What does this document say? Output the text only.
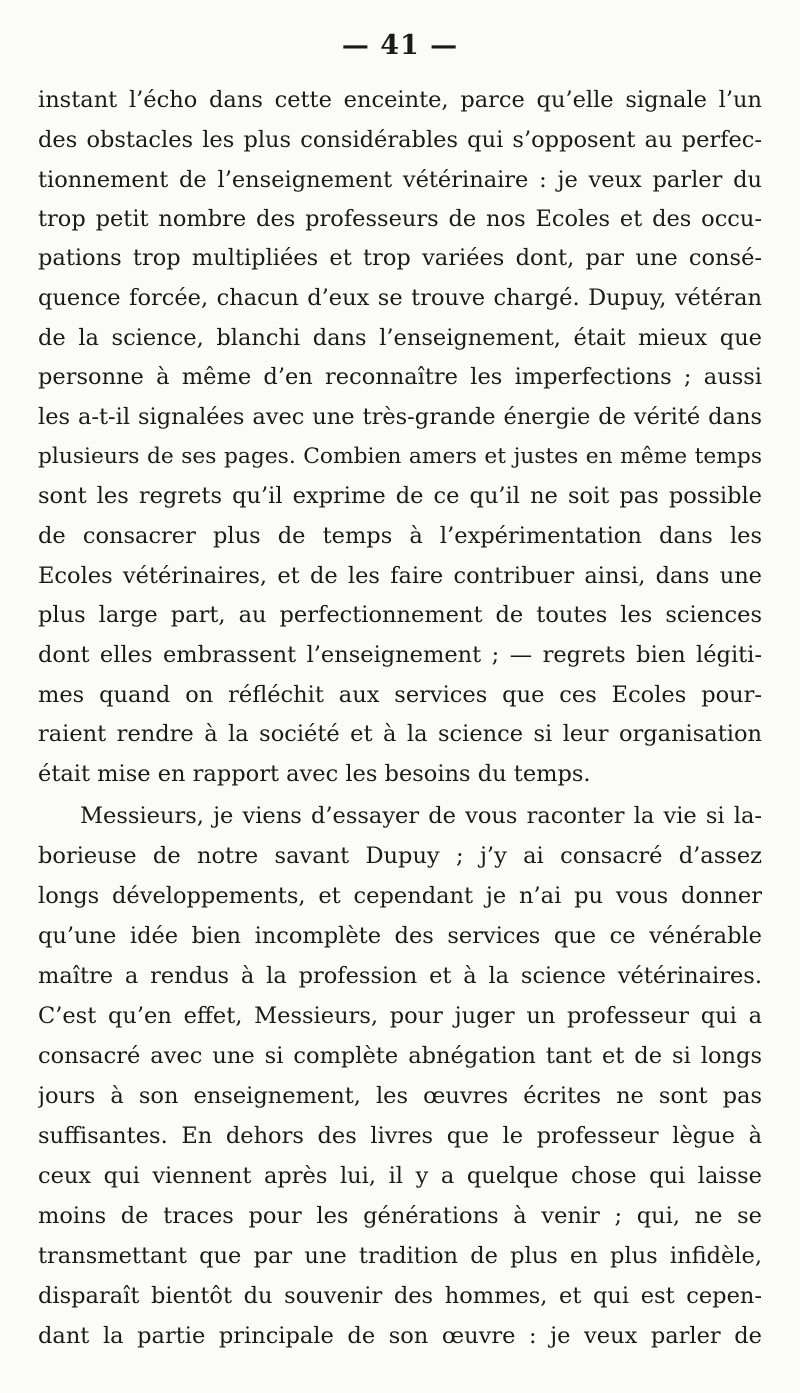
— 41 —
instant l’écho dans cette enceinte, parce qu’elle signale l’un
des obstacles les plus considérables qui s’opposent au perfec-
tionnement de l’enseignement vétérinaire : je veux parler du
trop petit nombre des professeurs de nos Ecoles et des occu-
pations trop multipliées et trop variées dont, par une consé-
quence forcée, chacun d’eux se trouve chargé. Dupuy, vétéran
de la science, blanchi dans l’enseignement, était mieux que
personne à même d’en reconnaître les imperfections ; aussi
les a-t-il signalées avec une très-grande énergie de vérité dans
plusieurs de ses pages. Combien amers et justes en même temps
sont les regrets qu’il exprime de ce qu’il ne soit pas possible
de consacrer plus de temps à l’expérimentation dans les
Ecoles vétérinaires, et de les faire contribuer ainsi, dans une
plus large part, au perfectionnement de toutes les sciences
dont elles embrassent l’enseignement ; — regrets bien légiti-
mes quand on réfléchit aux services que ces Ecoles pour-
raient rendre à la société et à la science si leur organisation
était mise en rapport avec les besoins du temps.
Messieurs, je viens d’essayer de vous raconter la vie si la-
borieuse de notre savant Dupuy ; j’y ai consacré d’assez
longs développements, et cependant je n’ai pu vous donner
qu’une idée bien incomplète des services que ce vénérable
maître a rendus à la profession et à la science vétérinaires.
C’est qu’en effet, Messieurs, pour juger un professeur qui a
consacré avec une si complète abnégation tant et de si longs
jours à son enseignement, les œuvres écrites ne sont pas
suffisantes. En dehors des livres que le professeur lègue à
ceux qui viennent après lui, il y a quelque chose qui laisse
moins de traces pour les générations à venir ; qui, ne se
transmettant que par une tradition de plus en plus infidèle,
disparaît bientôt du souvenir des hommes, et qui est cepen-
dant la partie principale de son œuvre : je veux parler de
